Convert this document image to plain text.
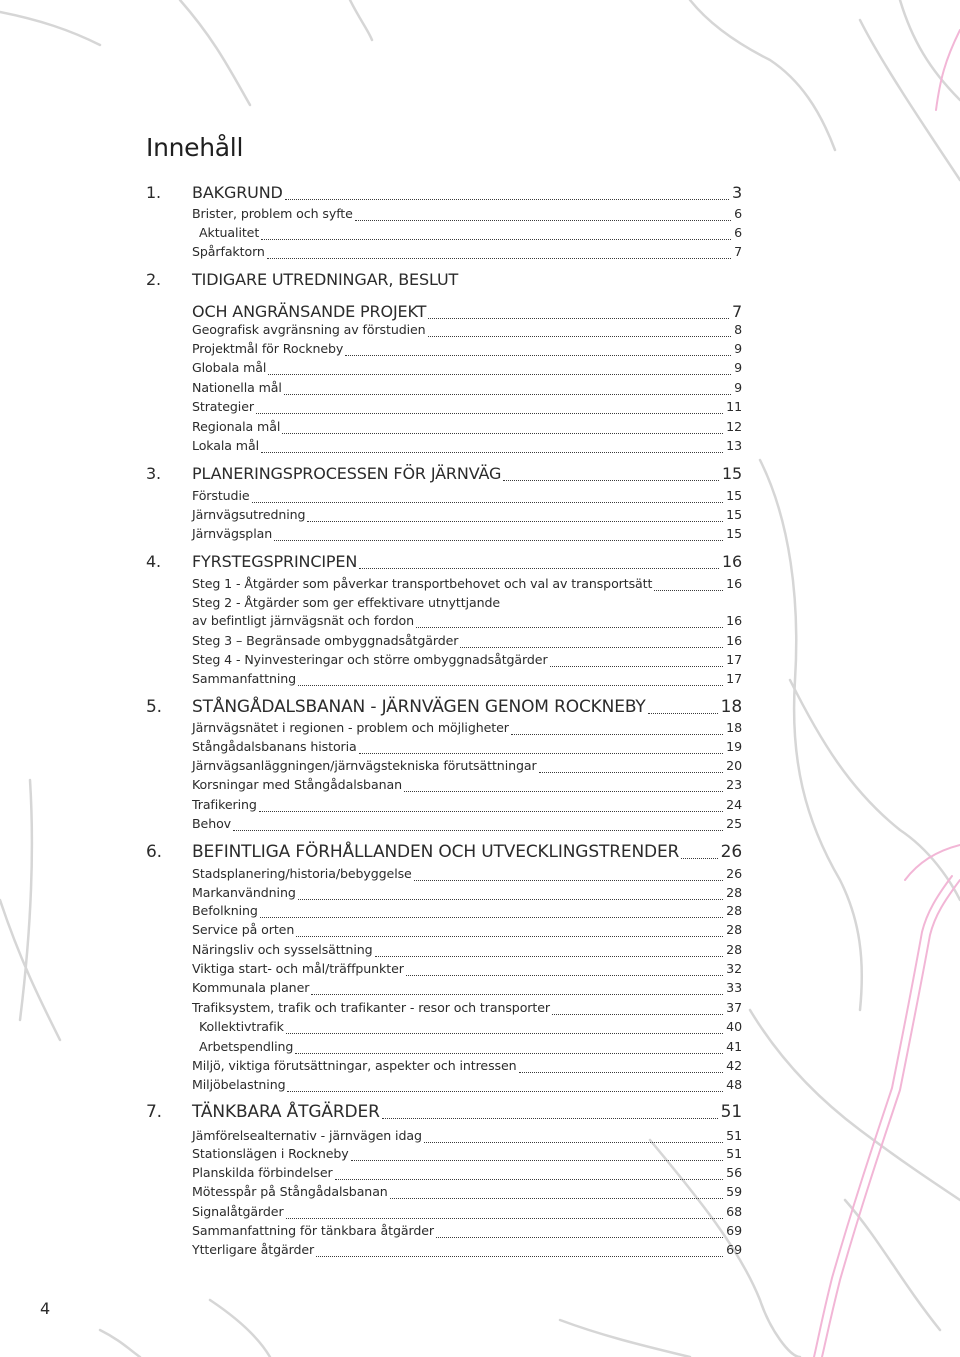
Innehåll
1.	BAKGRUND	3
Brister, problem och syfte	6
Aktualitet	6
Spårfaktorn	7
2.	TIDIGARE UTREDNINGAR, BESLUT
OCH ANGRÄNSANDE PROJEKT	7
Geografisk avgränsning av förstudien	8
Projektmål för Rockneby	9
Globala mål	9
Nationella mål	9
Strategier	11
Regionala mål	12
Lokala mål	13
3.	PLANERINGSPROCESSEN FÖR JÄRNVÄG	15
Förstudie	15
Järnvägsutredning	15
Järnvägsplan	15
4.	FYRSTEGSPRINCIPEN	16
Steg 1 - Åtgärder som påverkar transportbehovet och val av transportsätt	16
Steg 2 - Åtgärder som ger effektivare utnyttjande
av befintligt järnvägsnät och fordon	16
Steg 3 – Begränsade ombyggnadsåtgärder	16
Steg 4 - Nyinvesteringar och större ombyggnadsåtgärder	17
Sammanfattning	17
5.	STÅNGÅDALSBANAN - JÄRNVÄGEN GENOM ROCKNEBY	18
Järnvägsnätet i regionen - problem och möjligheter	18
Stångådalsbanans historia	19
Järnvägsanläggningen/järnvägstekniska förutsättningar	20
Korsningar med Stångådalsbanan	23
Trafikering	24
Behov	25
6.	BEFINTLIGA FÖRHÅLLANDEN OCH UTVECKLINGSTRENDER 26
Stadsplanering/historia/bebyggelse	26
Markanvändning	28
Befolkning	28
Service på orten	28
Näringsliv och sysselsättning	28
Viktiga start- och mål/träffpunkter	32
Kommunala planer	33
Trafiksystem, trafik och trafikanter - resor och transporter	37
Kollektivtrafik	40
Arbetspendling	41
Miljö, viktiga förutsättningar, aspekter och intressen	42
Miljöbelastning	48
7.	TÄNKBARA ÅTGÄRDER	51
Jämförelsealternativ - järnvägen idag	51
Stationslägen i Rockneby	51
Planskilda förbindelser	56
Mötesspår på Stångådalsbanan	59
Signalåtgärder	68
Sammanfattning för tänkbara åtgärder	69
Ytterligare åtgärder	69
4
